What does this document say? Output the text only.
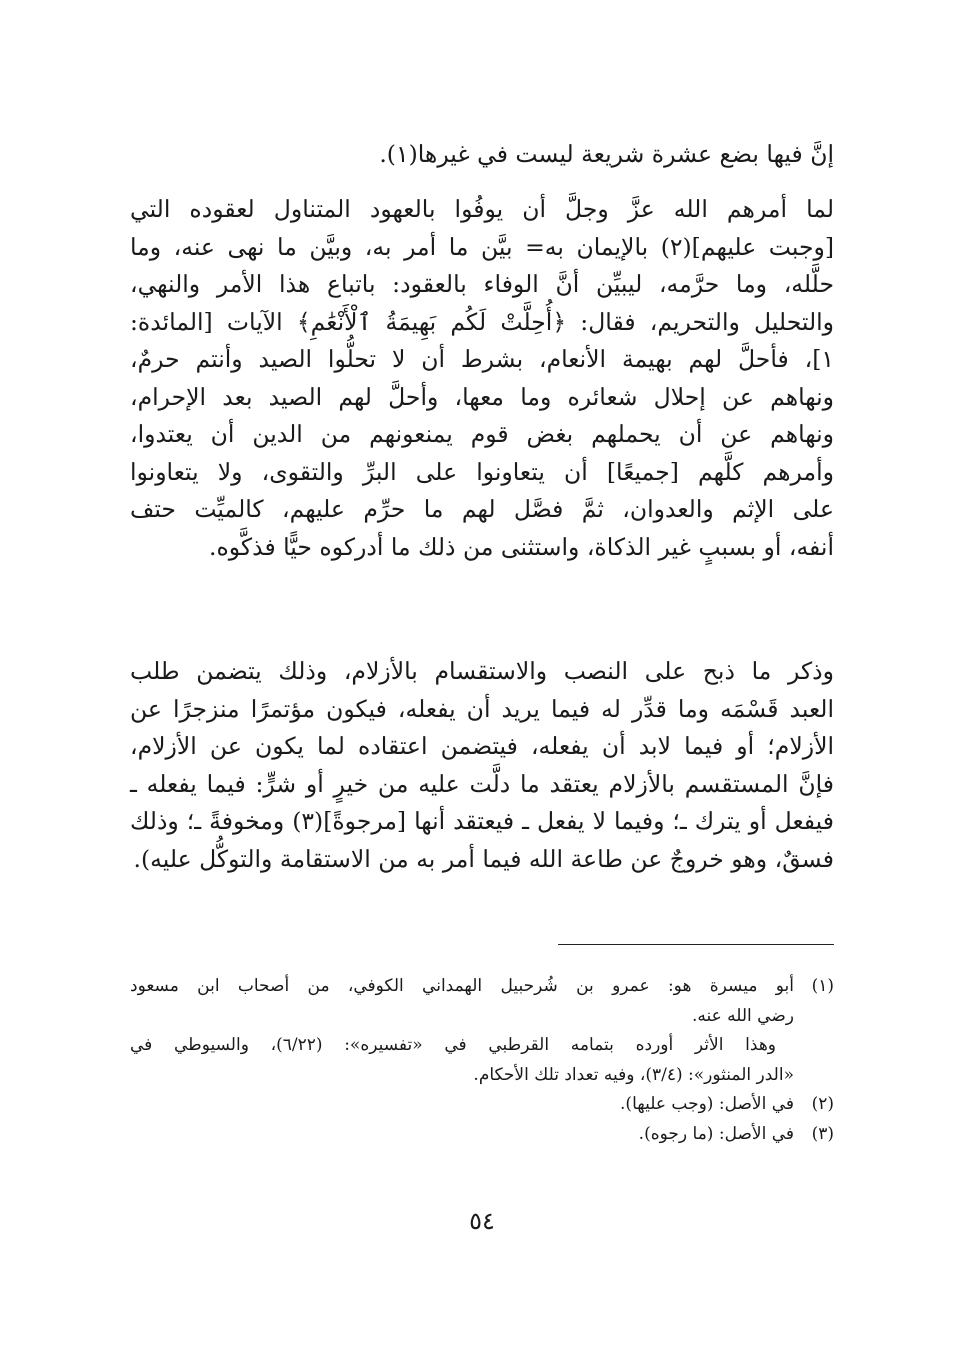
إنَّ فيها بضع عشرة شريعة ليست في غيرها(١).
لما أمرهم الله عزَّ وجلَّ أن يوفُوا بالعهود المتناول لعقوده التي
[وجبت عليهم](٢) بالإيمان به= بيَّن ما أمر به، وبيَّن ما نهى عنه، وما
حلَّله، وما حرَّمه، ليبيِّن أنَّ الوفاء بالعقود: باتباع هذا الأمر والنهي،
والتحليل والتحريم، فقال: ﴿أُحِلَّتْ لَكُم بَهِيمَةُ ٱلْأَنْعَٰمِ﴾ الآيات [المائدة:
١]، فأحلَّ لهم بهيمة الأنعام، بشرط أن لا تحلُّوا الصيد وأنتم حرمٌ،
ونهاهم عن إحلال شعائره وما معها، وأحلَّ لهم الصيد بعد الإحرام،
ونهاهم عن أن يحملهم بغض قوم يمنعونهم من الدين أن يعتدوا،
وأمرهم كلَّهم [جميعًا] أن يتعاونوا على البرِّ والتقوى، ولا يتعاونوا
على الإثم والعدوان، ثمَّ فصَّل لهم ما حرِّم عليهم، كالميِّت حتف
أنفه، أو بسببٍ غير الذكاة، واستثنى من ذلك ما أدركوه حيًّا فذكَّوه.
وذكر ما ذبح على النصب والاستقسام بالأزلام، وذلك يتضمن طلب
العبد قَسْمَه وما قدِّر له فيما يريد أن يفعله، فيكون مؤتمرًا منزجرًا عن
الأزلام؛ أو فيما لابد أن يفعله، فيتضمن اعتقاده لما يكون عن الأزلام،
فإنَّ المستقسم بالأزلام يعتقد ما دلَّت عليه من خيرٍ أو شرٍّ: فيما يفعله ـ
فيفعل أو يترك ـ؛ وفيما لا يفعل ـ فيعتقد أنها [مرجوةً](٣) ومخوفةً ـ؛ وذلك
فسقٌ، وهو خروجٌ عن طاعة الله فيما أمر به من الاستقامة والتوكُّل عليه).
(١)
أبو ميسرة هو: عمرو بن شُرحبيل الهمداني الكوفي، من أصحاب ابن مسعود
رضي الله عنه.
وهذا الأثر أورده بتمامه القرطبي في «تفسيره»: (٦/٢٢)، والسيوطي في
«الدر المنثور»: (٣/٤)، وفيه تعداد تلك الأحكام.
(٢)
في الأصل: (وجب عليها).
(٣)
في الأصل: (ما رجوه).
٥٤
